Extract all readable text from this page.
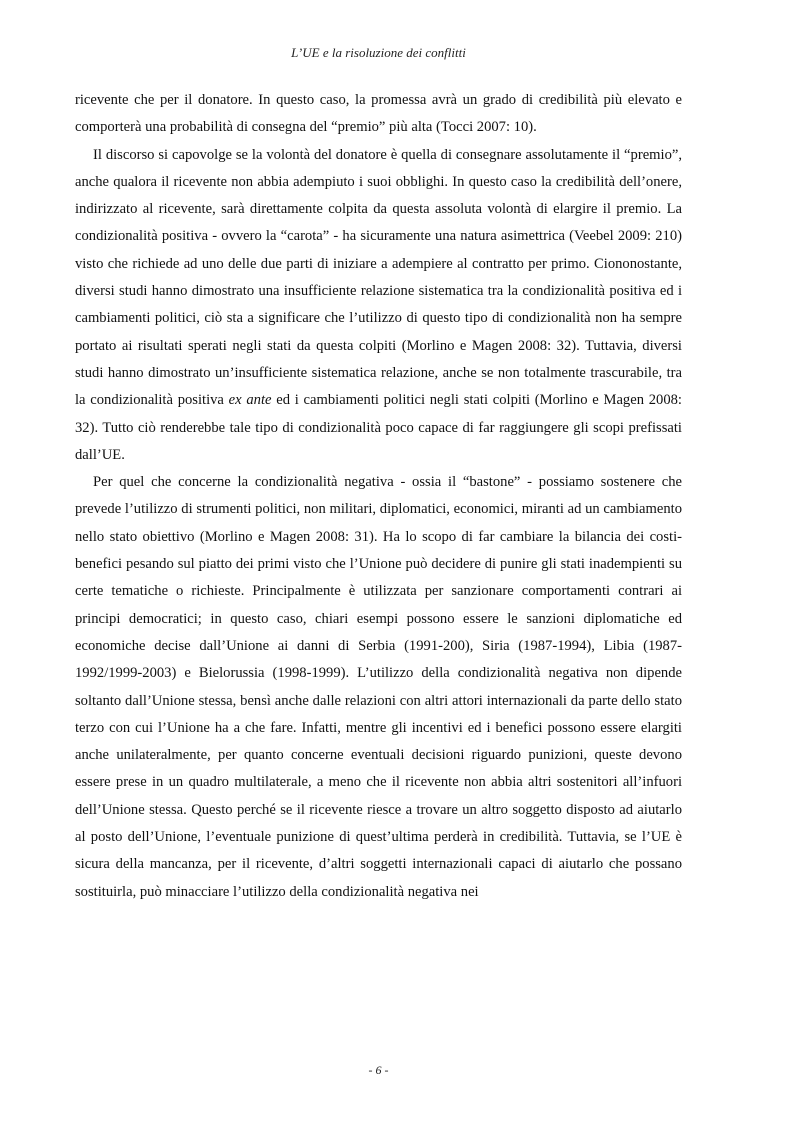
L’UE e la risoluzione dei conflitti

ricevente che per il donatore. In questo caso, la promessa avrà un grado di credibilità più elevato e comporterà una probabilità di consegna del “premio” più alta (Tocci 2007: 10).

Il discorso si capovolge se la volontà del donatore è quella di consegnare assolutamente il “premio”, anche qualora il ricevente non abbia adempiuto i suoi obblighi. In questo caso la credibilità dell’onere, indirizzato al ricevente, sarà direttamente colpita da questa assoluta volontà di elargire il premio. La condizionalità positiva - ovvero la “carota” - ha sicuramente una natura asimettrica (Veebel 2009: 210) visto che richiede ad uno delle due parti di iniziare a adempiere al contratto per primo. Ciononostante, diversi studi hanno dimostrato una insufficiente relazione sistematica tra la condizionalità positiva ed i cambiamenti politici, ciò sta a significare che l’utilizzo di questo tipo di condizionalità non ha sempre portato ai risultati sperati negli stati da questa colpiti (Morlino e Magen 2008: 32). Tuttavia, diversi studi hanno dimostrato un’insufficiente sistematica relazione, anche se non totalmente trascurabile, tra la condizionalità positiva ex ante ed i cambiamenti politici negli stati colpiti (Morlino e Magen 2008: 32). Tutto ciò renderebbe tale tipo di condizionalità poco capace di far raggiungere gli scopi prefissati dall’UE.

Per quel che concerne la condizionalità negativa - ossia il “bastone” - possiamo sostenere che prevede l’utilizzo di strumenti politici, non militari, diplomatici, economici, miranti ad un cambiamento nello stato obiettivo (Morlino e Magen 2008: 31). Ha lo scopo di far cambiare la bilancia dei costi-benefici pesando sul piatto dei primi visto che l’Unione può decidere di punire gli stati inadempienti su certe tematiche o richieste. Principalmente è utilizzata per sanzionare comportamenti contrari ai principi democratici; in questo caso, chiari esempi possono essere le sanzioni diplomatiche ed economiche decise dall’Unione ai danni di Serbia (1991-200), Siria (1987-1994), Libia (1987-1992/1999-2003) e Bielorussia (1998-1999). L’utilizzo della condizionalità negativa non dipende soltanto dall’Unione stessa, bensì anche dalle relazioni con altri attori internazionali da parte dello stato terzo con cui l’Unione ha a che fare. Infatti, mentre gli incentivi ed i benefici possono essere elargiti anche unilateralmente, per quanto concerne eventuali decisioni riguardo punizioni, queste devono essere prese in un quadro multilaterale, a meno che il ricevente non abbia altri sostenitori all’infuori dell’Unione stessa. Questo perché se il ricevente riesce a trovare un altro soggetto disposto ad aiutarlo al posto dell’Unione, l’eventuale punizione di quest’ultima perderà in credibilità. Tuttavia, se l’UE è sicura della mancanza, per il ricevente, d’altri soggetti internazionali capaci di aiutarlo che possano sostituirla, può minacciare l’utilizzo della condizionalità negativa nei

- 6 -
